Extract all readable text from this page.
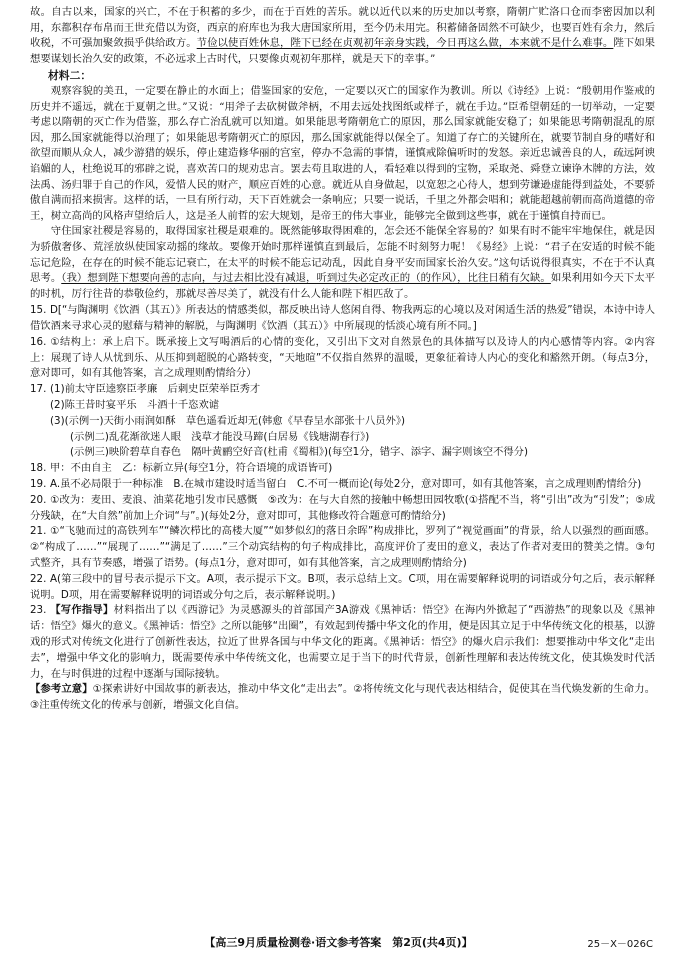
故。自古以来，国家的兴亡，不在于积蓄的多少，而在于百姓的苦乐。就以近代以来的历史加以考察，隋朝广贮洛口仓而李密因加以利用，东都积存布帛而王世充借以为资，西京的府库也为我大唐国家所用，至今仍未用完。积蓄储备固然不可缺少，也要百姓有余力，然后收税，不可强加聚敛损乎供给政方。节俭以使百姓休息，陛下已经在贞观初年亲身实践，今日再这么做，本来就不是什么难事。陛下如果想要谋划长治久安的政策，不必远求上古时代，只要像贞观初年那样，就是天下的幸事。”

材料二：

观察容貌的美丑，一定要在静止的水面上；借鉴国家的安危，一定要以灭亡的国家作为教训。所以《诗经》上说：“殷朝用作鉴戒的历史并不遥远，就在于夏朝之世。”又说：“用斧子去砍树做斧柄，不用去远处找图纸或样子，就在手边。”臣希望朝廷的一切举动，一定要考虑以隋朝的灭亡作为借鉴，那么存亡治乱就可以知道。如果能思考隋朝危亡的原因，那么国家就能安稳了；如果能思考隋朝混乱的原因，那么国家就能得以治理了；如果能思考隋朝灭亡的原因，那么国家就能得以保全了。知道了存亡的关键所在，就要节制自身的嗜好和欲望而顺从众人，减少游猎的娱乐，停止建造修华丽的宫室，停办不急需的事情，谨慎戒除偏听时的发怒。亲近忠诚善良的人，疏远阿谀谄媚的人，杜绝说耳的邪辟之说，喜欢苦口的规劝忠言。罢去苟且取进的人，看轻难以得到的宝物，采取尧、舜登立谏诤木牌的方法，效法禹、汤归罪于自己的作风，爱惜人民的财产，顺应百姓的心意。就近从自身做起，以宽恕之心待人，想到劳谦逊虚能得到益处，不要骄傲自满而招来损害。这样的话，一旦有所行动，天下百姓就会一条响应；只要一说话，千里之外都会唱和；就能超越前朝而高尚道德的帝王，树立高尚的风格声望给后人，这是圣人前哲的宏大规划，是帝王的伟大事业，能够完全做到这些事，就在于谨慎自持而已。

守住国家社稷是容易的，取得国家社稷是艰难的。既然能够取得困难的，怎会还不能保全容易的？如果有时不能牢牢地保住，就是因为骄傲奢侈、荒淫放纵使国家动摇的缘故。要像开始时那样谨慎直到最后，怎能不时刻努力呢！《易经》上说：“君子在安适的时候不能忘记危险，在存在的时候不能忘记衰亡，在太平的时候不能忘记动乱，因此自身平安而国家长治久安。”这句话说得很真实，不在于不认真思考。（我）想到陛下想要向善的志向，与过去相比没有减退，听到过失必定改正的（的作风），比往日稍有欠缺。如果利用如今天下太平的时机，厉行往昔的恭敬俭约，那就尽善尽美了，就没有什么人能和陛下相匹敌了。

15. D[“与陶渊明《饮酒（其五）》所表达的情感类似，都反映出诗人悠闲自得、物我两忘的心境以及对闲适生活的热爱”错误，本诗中诗人借饮酒来寻求心灵的慰藉与精神的解脱，与陶渊明《饮酒（其五）》中所展现的恬淡心境有所不同。]

16. ①结构上：承上启下。既承接上文写喝酒后的心情的变化，又引出下文对自然景色的具体描写以及诗人的内心感情等内容。②内容上：展现了诗人从忧到乐、从压抑到超脱的心路转变，“天地暄”不仅指自然界的温暖，更象征着诗人内心的变化和豁然开朗。（每点3分，意对即可，如有其他答案，言之成理则酌情给分）

17. (1)前太守臣逵察臣孝廉　后刺史臣荣举臣秀才
(2)陈王昔时宴平乐　斗酒十千恣欢谑
(3)(示例一)天街小雨润如酥　草色遥看近却无(韩愈《早春呈水部张十八员外》)
(示例二)乱花渐欲迷人眼　浅草才能没马蹄(白居易《钱塘湖春行》)
(示例三)映阶碧草自春色　隔叶黄鹂空好音(杜甫《蜀相》)(每空1分，错字、添字、漏字则该空不得分)

18. 甲：不由自主　乙：标新立异(每空1分，符合语境的成语皆可)

19. A.虽不必局限于一种标准　B.在城市建设时适当留白　C.不可一概而论(每处2分，意对即可，如有其他答案，言之成理则酌情给分)

20. ①改为：麦田、麦浪、油菜花地引发市民感慨　⑤改为：在与大自然的接触中畅想田园牧歌(①搭配不当，将“引出”改为“引发”；⑤成分残缺，在“大自然”前加上介词“与”。)(每处2分，意对即可，其他修改符合题意可酌情给分)

21. ①“飞驰而过的高铁列车”“鳞次栉比的高楼大厦”“如梦似幻的落日余晖”构成排比，罗列了“视觉画面”的背景，给人以强烈的画面感。②“构成了……”“展现了……”“满足了……”三个动宾结构的句子构成排比，高度评价了麦田的意义，表达了作者对麦田的赞美之情。③句式整齐，具有节奏感，增强了语势。(每点1分，意对即可，如有其他答案，言之成理则酌情给分)

22. A(第三段中的冒号表示提示下文。A项，表示提示下文。B项，表示总结上文。C项，用在需要解释说明的词语或分句之后，表示解释说明。D项，用在需要解释说明的词语或分句之后，表示解释说明。)

23. 【写作指导】材料指出了以《西游记》为灵感源头的首部国产3A游戏《黑神话：悟空》在海内外掀起了“西游热”的现象以及《黑神话：悟空》爆火的意义。《黑神话：悟空》之所以能够“出圈”，有效起到传播中华文化的作用，便是因其立足于中华传统文化的根基，以游戏的形式对传统文化进行了创新性表达，拉近了世界各国与中华文化的距离。《黑神话：悟空》的爆火启示我们：想要推动中华文化“走出去”，增强中华文化的影响力，既需要传承中华传统文化，也需要立足于当下的时代背景，创新性理解和表达传统文化，使其焕发时代活力，在与时俱进的过程中逐渐与国际接轨。

【参考立意】①探索讲好中国故事的新表达，推动中华文化“走出去”。②将传统文化与现代表达相结合，促使其在当代焕发新的生命力。③注重传统文化的传承与创新，增强文化自信。

【高三9月质量检测卷·语文参考答案　第2页(共4页)】	25－X－026C
